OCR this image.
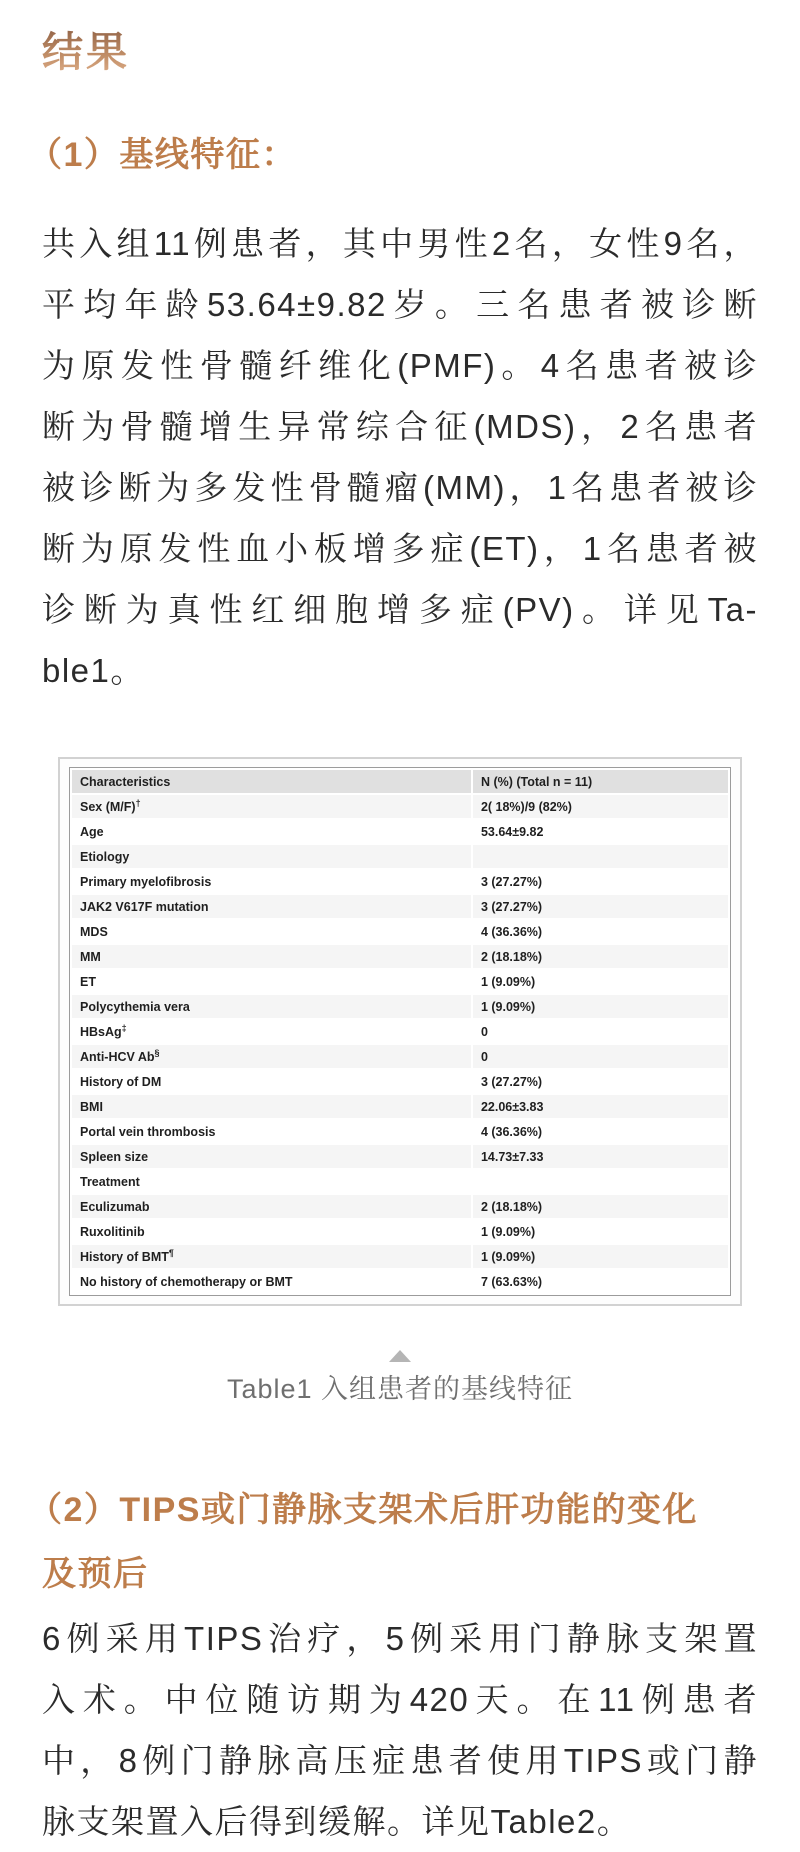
结果
（1）基线特征：
共入组11例患者，其中男性2名，女性9名，
平均年龄53.64±9.82岁。三名患者被诊断
为原发性骨髓纤维化(PMF)。4名患者被诊
断为骨髓增生异常综合征(MDS)，2名患者
被诊断为多发性骨髓瘤(MM)，1名患者被诊
断为原发性血小板增多症(ET)，1名患者被
诊断为真性红细胞增多症(PV)。详见Ta-
ble1。
Characteristics	N (%) (Total n = 11)
Sex (M/F)†	2( 18%)/9 (82%)
Age	53.64±9.82
Etiology	
Primary myelofibrosis	3 (27.27%)
JAK2 V617F mutation	3 (27.27%)
MDS	4 (36.36%)
MM	2 (18.18%)
ET	1 (9.09%)
Polycythemia vera	1 (9.09%)
HBsAg‡	0
Anti-HCV Ab§	0
History of DM	3 (27.27%)
BMI	22.06±3.83
Portal vein thrombosis	4 (36.36%)
Spleen size	14.73±7.33
Treatment	
Eculizumab	2 (18.18%)
Ruxolitinib	1 (9.09%)
History of BMT¶	1 (9.09%)
No history of chemotherapy or BMT	7 (63.63%)
Table1 入组患者的基线特征
（2）TIPS或门静脉支架术后肝功能的变化
及预后
6例采用TIPS治疗，5例采用门静脉支架置
入术。中位随访期为420天。在11例患者
中，8例门静脉高压症患者使用TIPS或门静
脉支架置入后得到缓解。详见Table2。
